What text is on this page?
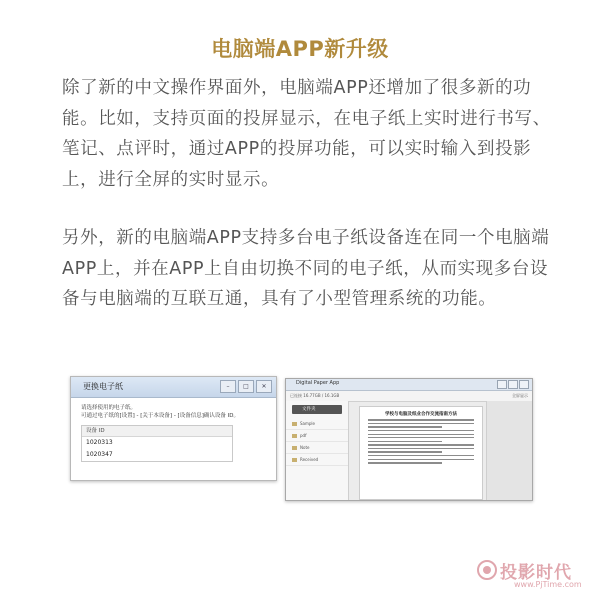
电脑端APP新升级

除了新的中文操作界面外，电脑端APP还增加了很多新的功能。比如，支持页面的投屏显示，在电子纸上实时进行书写、笔记、点评时，通过APP的投屏功能，可以实时输入到投影上，进行全屏的实时显示。

另外，新的电脑端APP支持多台电子纸设备连在同一个电脑端APP上，并在APP上自由切换不同的电子纸，从而实现多台设备与电脑端的互联互通，具有了小型管理系统的功能。

更换电子纸	–	□	✕
请选择使用的电子纸。
可通过电子纸的[设置] - [关于本设备] - [设备信息]确认设备 ID。
设备 ID
1020313
1020347
Digital Paper App
已连接 16.77GB / 16.1GB	全屏显示
文件夹
Sample
pdf
Note
Received
学校与电脑及纸业合作交流指南方法
投影时代
www.PjTime.com
